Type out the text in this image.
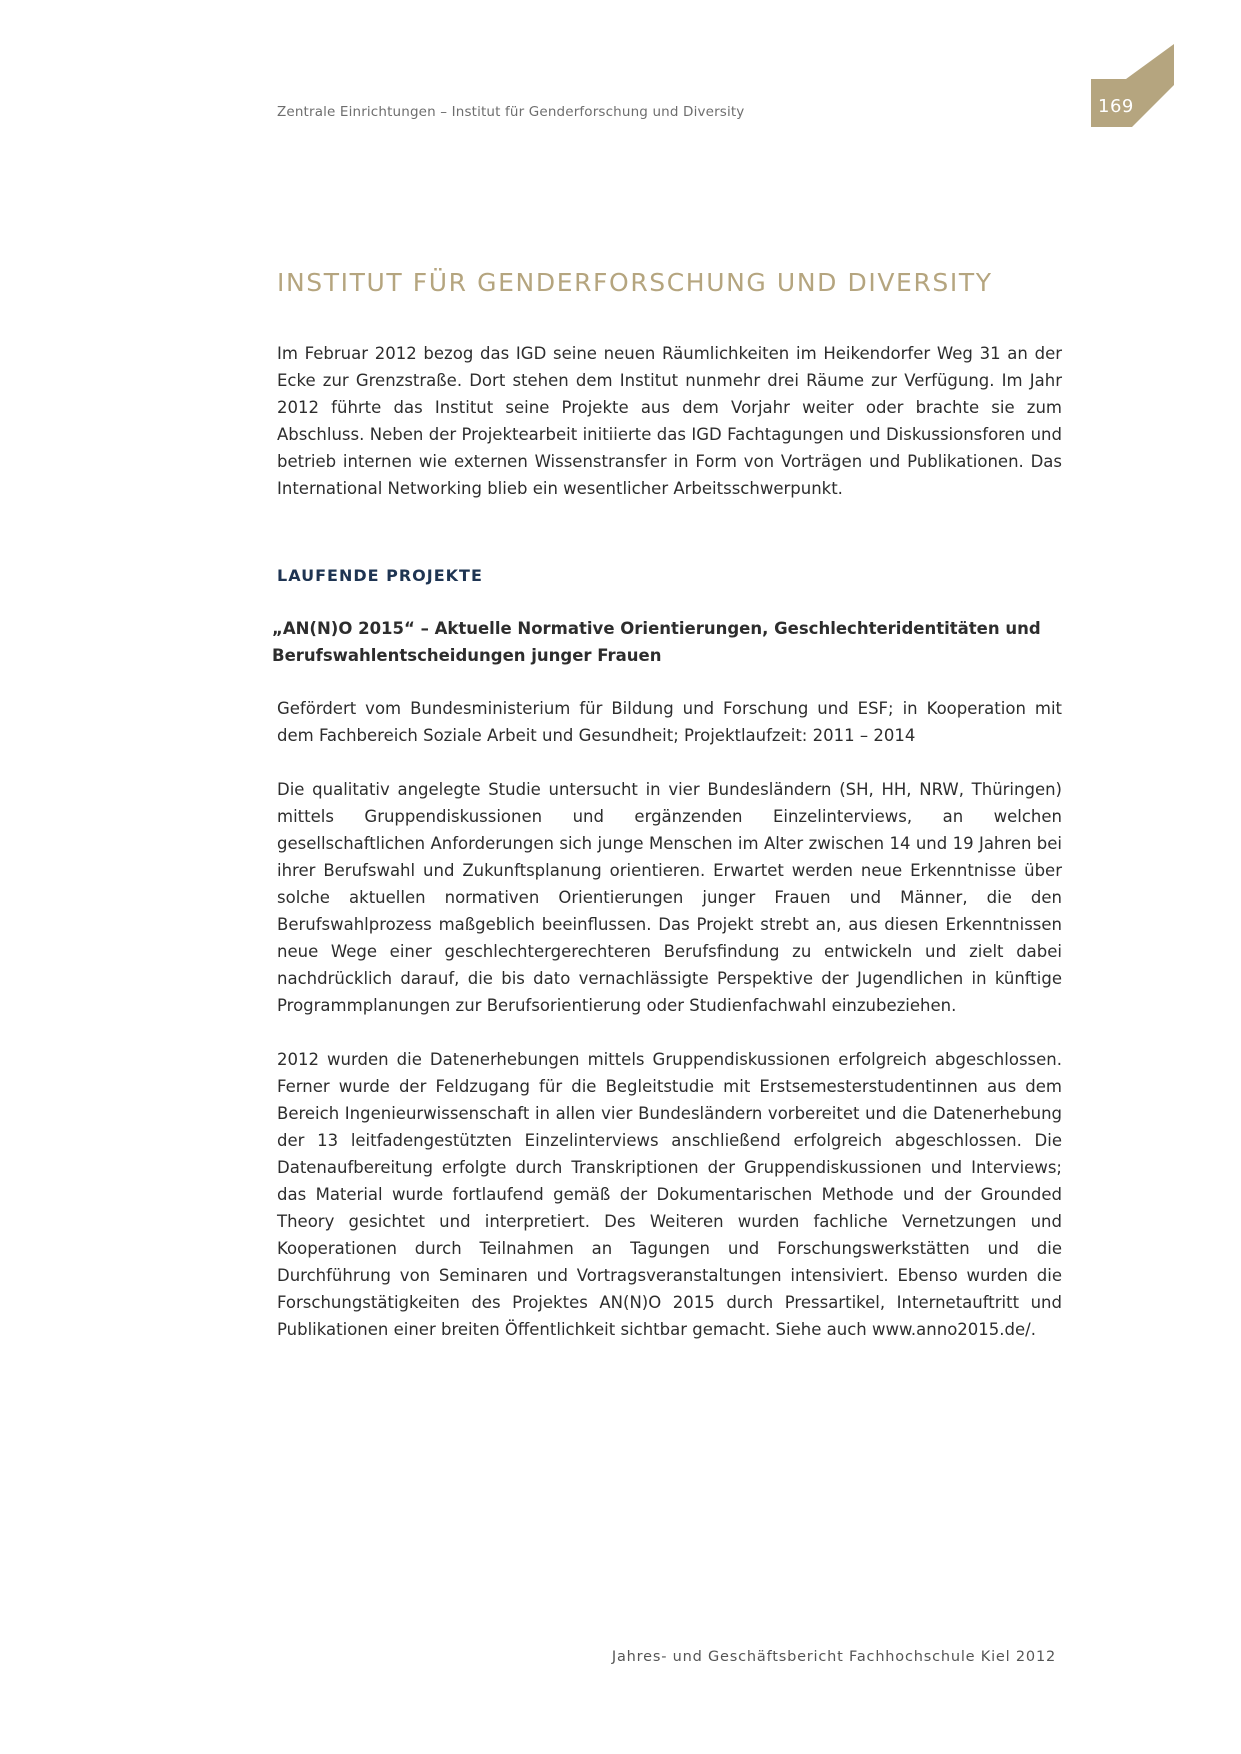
Zentrale Einrichtungen – Institut für Genderforschung und Diversity	169
INSTITUT FÜR GENDERFORSCHUNG UND DIVERSITY

Im Februar 2012 bezog das IGD seine neuen Räumlichkeiten im Heikendorfer Weg 31 an der Ecke zur Grenzstraße. Dort stehen dem Institut nunmehr drei Räume zur Verfügung. Im Jahr 2012 führte das Institut seine Projekte aus dem Vorjahr weiter oder brachte sie zum Abschluss. Neben der Projektearbeit initiierte das IGD Fachtagungen und Diskussionsforen und betrieb internen wie externen Wissenstransfer in Form von Vorträgen und Publikationen. Das International Networking blieb ein wesentlicher Arbeitsschwerpunkt.

LAUFENDE PROJEKTE
„AN(N)O 2015“ – Aktuelle Normative Orientierungen, Geschlechteridentitäten und Berufswahlentscheidungen junger Frauen

Gefördert vom Bundesministerium für Bildung und Forschung und ESF; in Kooperation mit dem Fachbereich Soziale Arbeit und Gesundheit; Projektlaufzeit: 2011 – 2014

Die qualitativ angelegte Studie untersucht in vier Bundesländern (SH, HH, NRW, Thüringen) mittels Gruppendiskussionen und ergänzenden Einzelinterviews, an welchen gesellschaftlichen Anforderungen sich junge Menschen im Alter zwischen 14 und 19 Jahren bei ihrer Berufswahl und Zukunftsplanung orientieren. Erwartet werden neue Erkenntnisse über solche aktuellen normativen Orientierungen junger Frauen und Männer, die den Berufswahlprozess maßgeblich beeinflussen. Das Projekt strebt an, aus diesen Erkenntnissen neue Wege einer geschlechtergerechteren Berufsfindung zu entwickeln und zielt dabei nachdrücklich darauf, die bis dato vernachlässigte Perspektive der Jugendlichen in künftige Programmplanungen zur Berufsorientierung oder Studienfachwahl einzubeziehen.

2012 wurden die Datenerhebungen mittels Gruppendiskussionen erfolgreich abgeschlossen. Ferner wurde der Feldzugang für die Begleitstudie mit Erstsemesterstudentinnen aus dem Bereich Ingenieurwissenschaft in allen vier Bundesländern vorbereitet und die Datenerhebung der 13 leitfadengestützten Einzelinterviews anschließend erfolgreich abgeschlossen. Die Datenaufbereitung erfolgte durch Transkriptionen der Gruppendiskussionen und Interviews; das Material wurde fortlaufend gemäß der Dokumentarischen Methode und der Grounded Theory gesichtet und interpretiert. Des Weiteren wurden fachliche Vernetzungen und Kooperationen durch Teilnahmen an Tagungen und Forschungswerkstätten und die Durchführung von Seminaren und Vortragsveranstaltungen intensiviert. Ebenso wurden die Forschungstätigkeiten des Projektes AN(N)O 2015 durch Pressartikel, Internetauftritt und Publikationen einer breiten Öffentlichkeit sichtbar gemacht. Siehe auch www.anno2015.de/.

Jahres- und Geschäftsbericht Fachhochschule Kiel 2012
